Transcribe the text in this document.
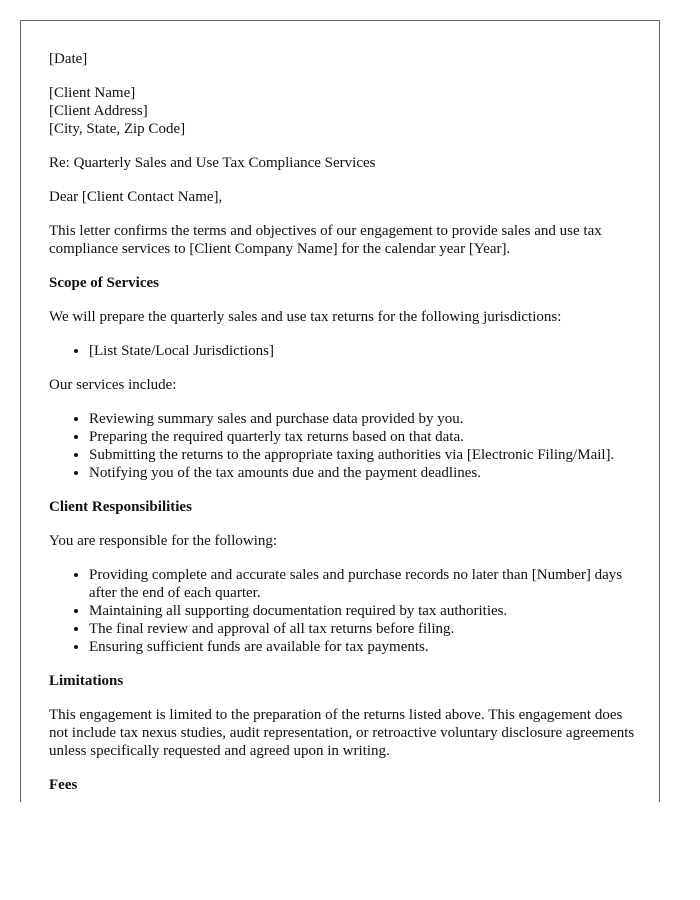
[Date]

[Client Name]
[Client Address]
[City, State, Zip Code]

Re: Quarterly Sales and Use Tax Compliance Services

Dear [Client Contact Name],

This letter confirms the terms and objectives of our engagement to provide sales and use tax compliance services to [Client Company Name] for the calendar year [Year].

Scope of Services

We will prepare the quarterly sales and use tax returns for the following jurisdictions:

• [List State/Local Jurisdictions]

Our services include:

• Reviewing summary sales and purchase data provided by you.
• Preparing the required quarterly tax returns based on that data.
• Submitting the returns to the appropriate taxing authorities via [Electronic Filing/Mail].
• Notifying you of the tax amounts due and the payment deadlines.
Client Responsibilities

You are responsible for the following:

• Providing complete and accurate sales and purchase records no later than [Number] days after the end of each quarter.
• Maintaining all supporting documentation required by tax authorities.
• The final review and approval of all tax returns before filing.
• Ensuring sufficient funds are available for tax payments.
Limitations

This engagement is limited to the preparation of the returns listed above. This engagement does not include tax nexus studies, audit representation, or retroactive voluntary disclosure agreements unless specifically requested and agreed upon in writing.

Fees
